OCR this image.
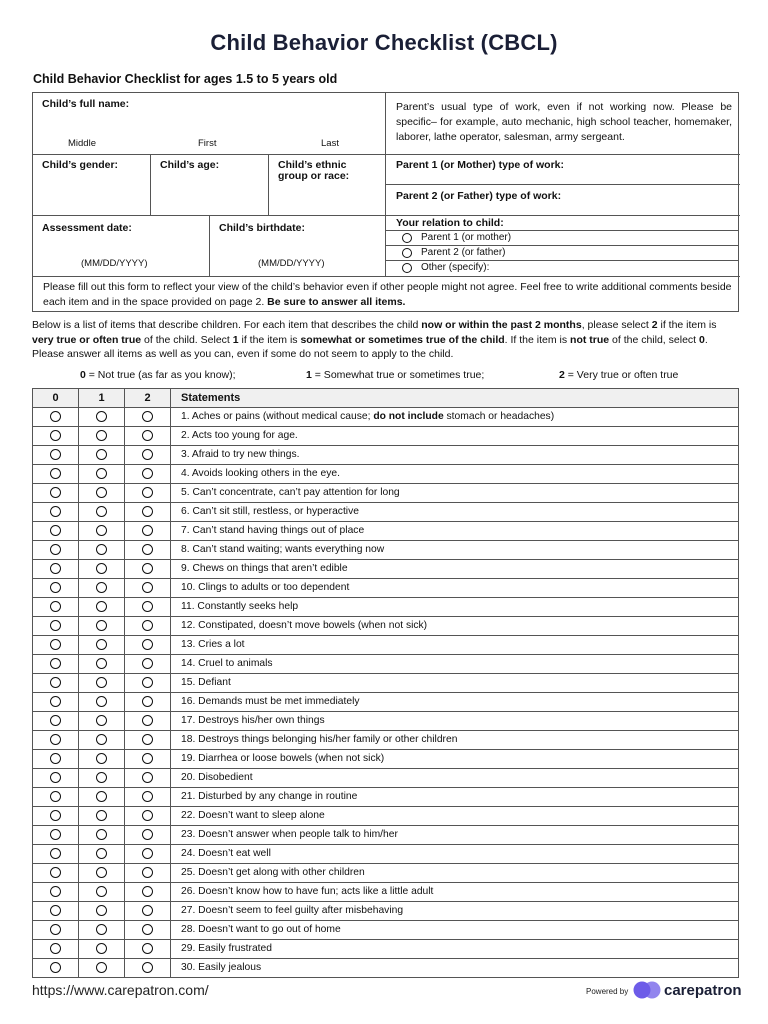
Child Behavior Checklist (CBCL)
Child Behavior Checklist for ages 1.5 to 5 years old
Child’s full name:
Middle	First	Last
Parent’s usual type of work, even if not working now. Please be specific– for example, auto mechanic, high school teacher, homemaker, laborer, lathe operator, salesman, army sergeant.
Child’s gender:	Child’s age:	Child’s ethnic
group or race:
Parent 1 (or Mother) type of work:
Parent 2 (or Father) type of work:
Assessment date:
(MM/DD/YYYY)
Child’s birthdate:
(MM/DD/YYYY)
Your relation to child:
Parent 1 (or mother)
Parent 2 (or father)
Other (specify):
Please fill out this form to reflect your view of the child’s behavior even if other people might not agree. Feel free to write additional comments beside each item and in the space provided on page 2. Be sure to answer all items.
Below is a list of items that describe children. For each item that describes the child now or within the past 2 months, please select 2 if the item is very true or often true of the child. Select 1 if the item is somewhat or sometimes true of the child. If the item is not true of the child, select 0. Please answer all items as well as you can, even if some do not seem to apply to the child.
0 = Not true (as far as you know);	1 = Somewhat true or sometimes true;	2 = Very true or often true
0	1	2	Statements
			1. Aches or pains (without medical cause; do not include stomach or headaches)
			2. Acts too young for age.
			3. Afraid to try new things.
			4. Avoids looking others in the eye.
			5. Can’t concentrate, can’t pay attention for long
			6. Can’t sit still, restless, or hyperactive
			7. Can’t stand having things out of place
			8. Can’t stand waiting; wants everything now
			9. Chews on things that aren’t edible
			10. Clings to adults or too dependent
			11. Constantly seeks help
			12. Constipated, doesn’t move bowels (when not sick)
			13. Cries a lot
			14. Cruel to animals
			15. Defiant
			16. Demands must be met immediately
			17. Destroys his/her own things
			18. Destroys things belonging his/her family or other children
			19. Diarrhea or loose bowels (when not sick)
			20. Disobedient
			21. Disturbed by any change in routine
			22. Doesn’t want to sleep alone
			23. Doesn’t answer when people talk to him/her
			24. Doesn’t eat well
			25. Doesn’t get along with other children
			26. Doesn’t know how to have fun; acts like a little adult
			27. Doesn’t seem to feel guilty after misbehaving
			28. Doesn’t want to go out of home
			29. Easily frustrated
			30. Easily jealous
https://www.carepatron.com/	Powered by carepatron
